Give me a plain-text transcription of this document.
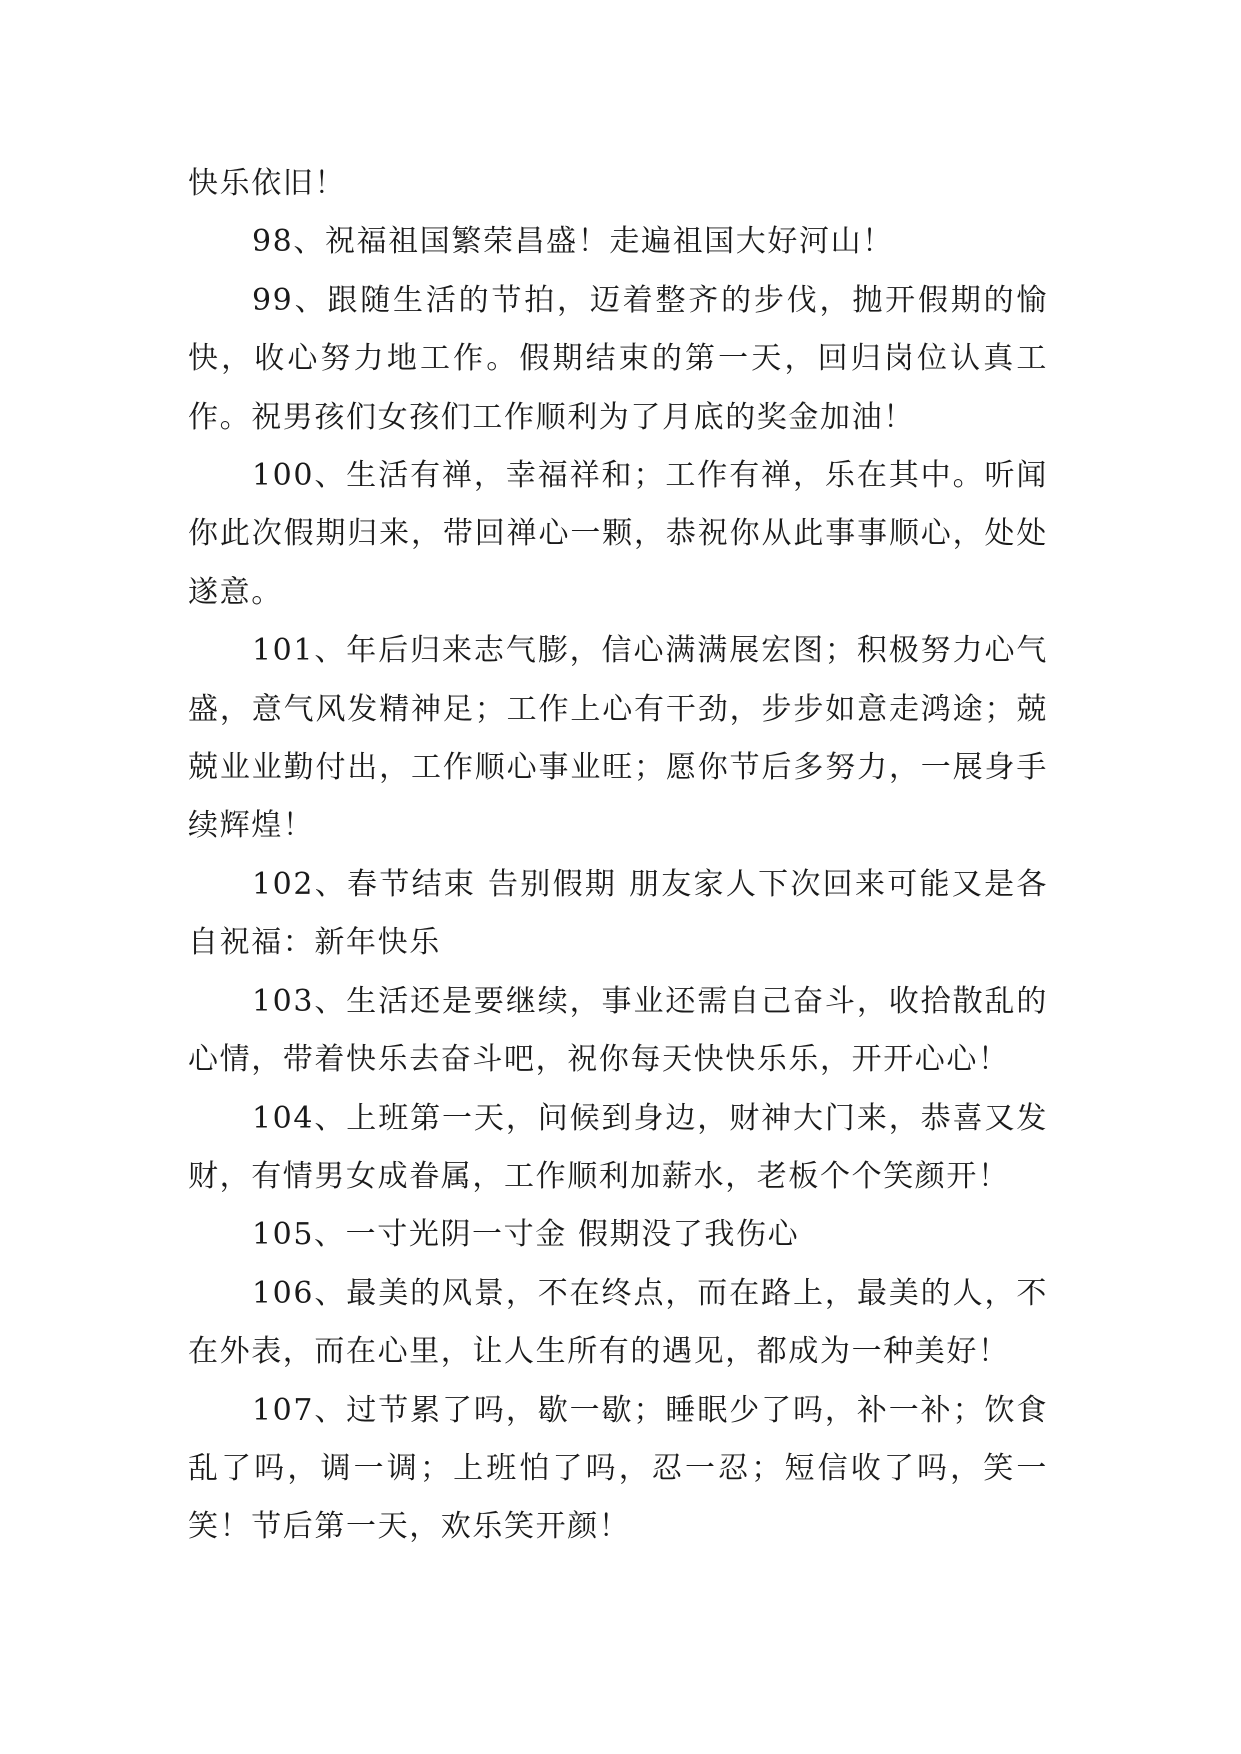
快乐依旧！

98、祝福祖国繁荣昌盛！走遍祖国大好河山！

99、跟随生活的节拍，迈着整齐的步伐，抛开假期的愉快，收心努力地工作。假期结束的第一天，回归岗位认真工作。祝男孩们女孩们工作顺利为了月底的奖金加油！

100、生活有禅，幸福祥和；工作有禅，乐在其中。听闻你此次假期归来，带回禅心一颗，恭祝你从此事事顺心，处处遂意。

101、年后归来志气膨，信心满满展宏图；积极努力心气盛，意气风发精神足；工作上心有干劲，步步如意走鸿途；兢兢业业勤付出，工作顺心事业旺；愿你节后多努力，一展身手续辉煌！

102、春节结束 告别假期 朋友家人下次回来可能又是各自祝福：新年快乐

103、生活还是要继续，事业还需自己奋斗，收拾散乱的心情，带着快乐去奋斗吧，祝你每天快快乐乐，开开心心！

104、上班第一天，问候到身边，财神大门来，恭喜又发财，有情男女成眷属，工作顺利加薪水，老板个个笑颜开！

105、一寸光阴一寸金 假期没了我伤心

106、最美的风景，不在终点，而在路上，最美的人，不在外表，而在心里，让人生所有的遇见，都成为一种美好！

107、过节累了吗，歇一歇；睡眠少了吗，补一补；饮食乱了吗，调一调；上班怕了吗，忍一忍；短信收了吗，笑一笑！节后第一天，欢乐笑开颜！
